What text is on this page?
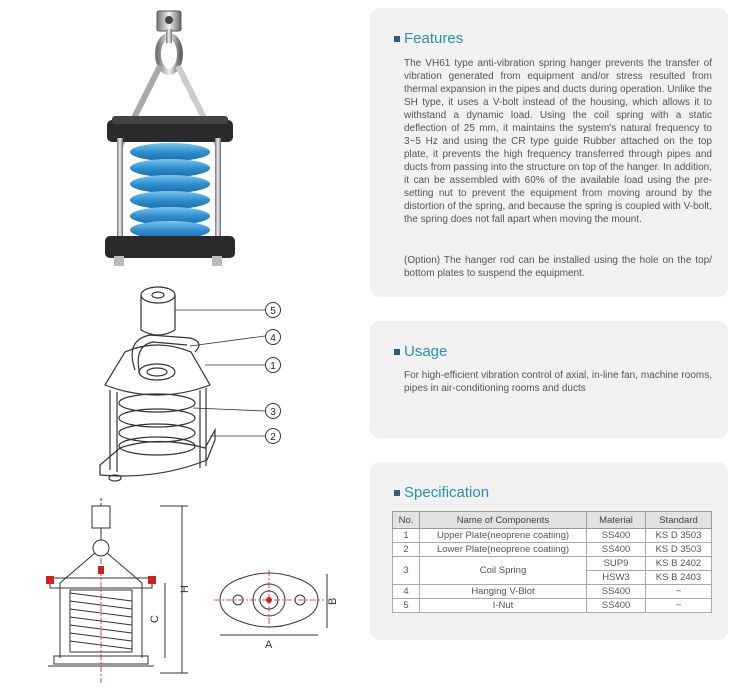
5
4
1
3
2
H
C
A
B
Features
The VH61 type anti-vibration spring hanger prevents the transfer of vibration generated from equipment and/or stress resulted from thermal expansion in the pipes and ducts during operation. Unlike the SH type, it uses a V-bolt instead of the housing, which allows it to withstand a dynamic load. Using the coil spring with a static deflection of 25 mm, it maintains the system's natural frequency to 3~5 Hz and using the CR type guide Rubber attached on the top plate, it prevents the high frequency transferred through pipes and ducts from passing into the structure on top of the hanger. In addition, it can be assembled with 60% of the available load using the pre-setting nut to prevent the equipment from moving around by the distortion of the spring, and because the spring is coupled with V-bolt, the spring does not fall apart when moving the mount.
(Option) The hanger rod can be installed using the hole on the top/ bottom plates to suspend the equipment.
Usage
For high-efficient vibration control of axial, in-line fan, machine rooms, pipes in air-conditioning rooms and ducts
Specification
No.	Name of Components	Material	Standard
1	Upper Plate(neoprene coatiing)	SS400	KS D 3503
2	Lower Plate(neoprene coatiing)	SS400	KS D 3503
3	Coil Spring	SUP9	KS B 2402
		HSW3	KS B 2403
4	Hanging V-Blot	SS400	−
5	I-Nut	SS400	−
